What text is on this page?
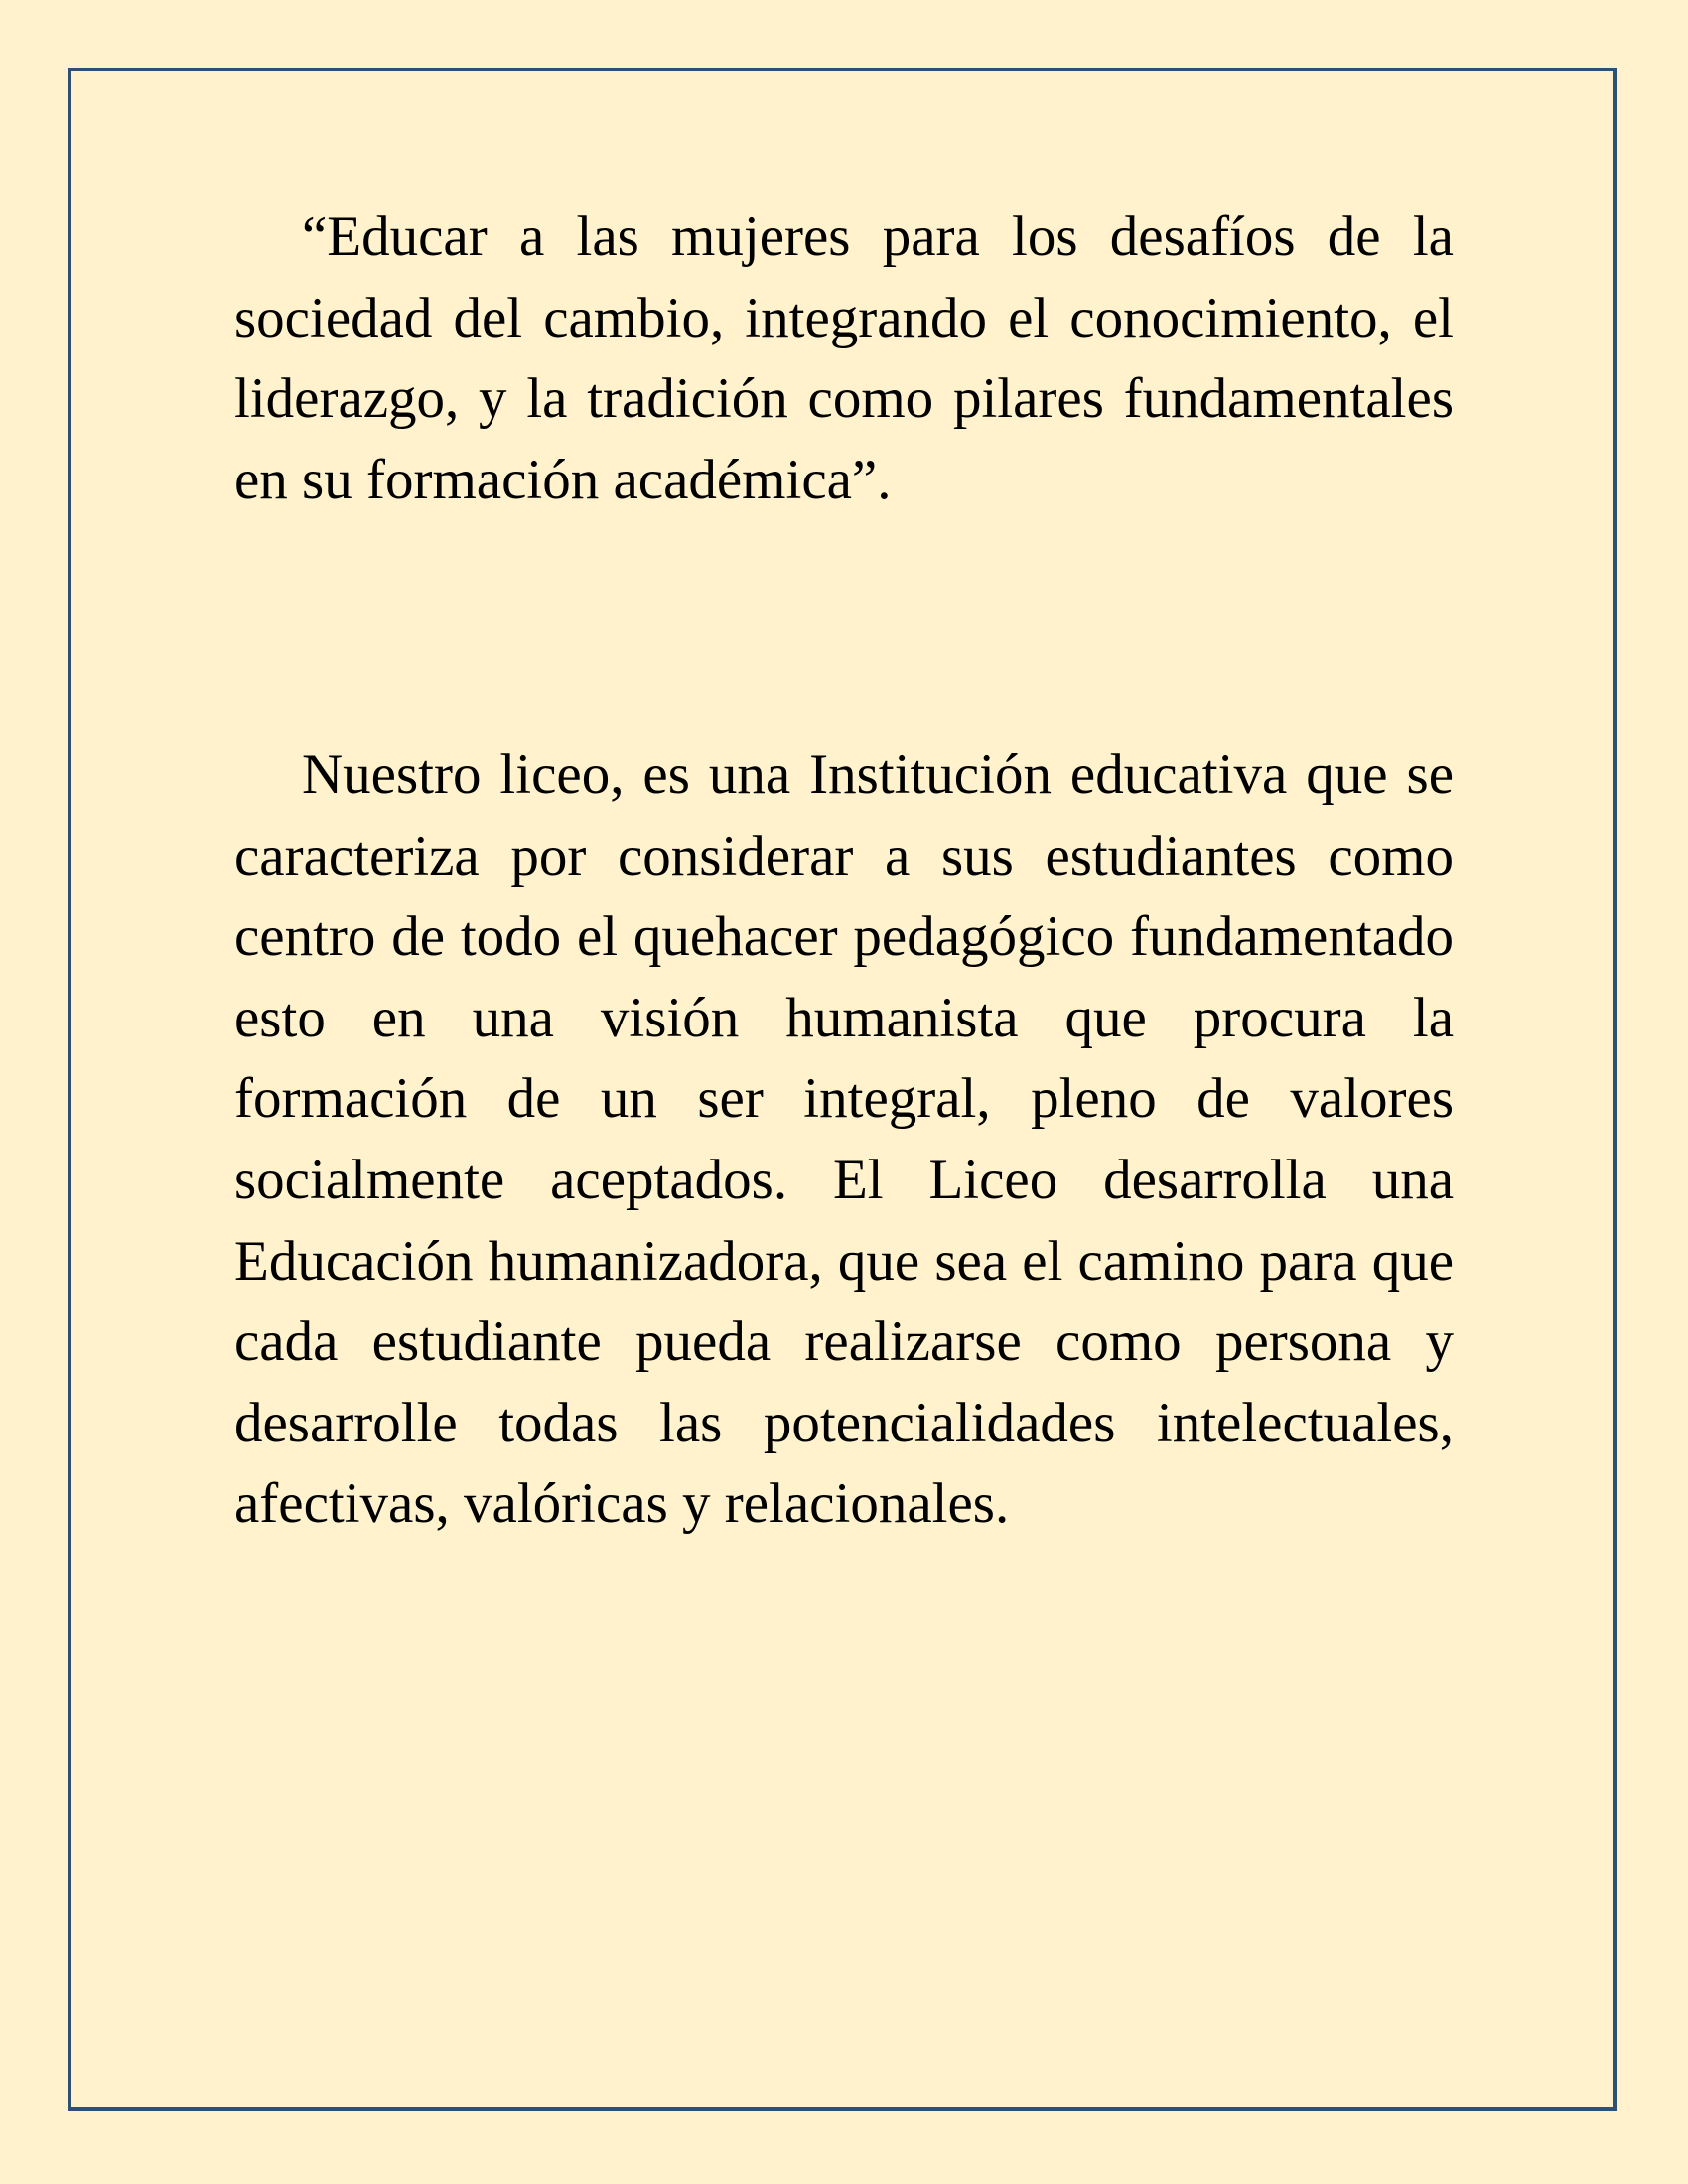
“Educar a las mujeres para los desafíos de la sociedad del cambio, integrando el conocimiento, el liderazgo, y la tradición como pilares fundamentales en su formación académica”.

Nuestro liceo, es una Institución educativa que se caracteriza por considerar a sus estudiantes como centro de todo el quehacer pedagógico fundamentado esto en una visión humanista que procura la formación de un ser integral, pleno de valores socialmente aceptados. El Liceo desarrolla una Educación humanizadora, que sea el camino para que cada estudiante pueda realizarse como persona y desarrolle todas las potencialidades intelectuales, afectivas, valóricas y relacionales.
